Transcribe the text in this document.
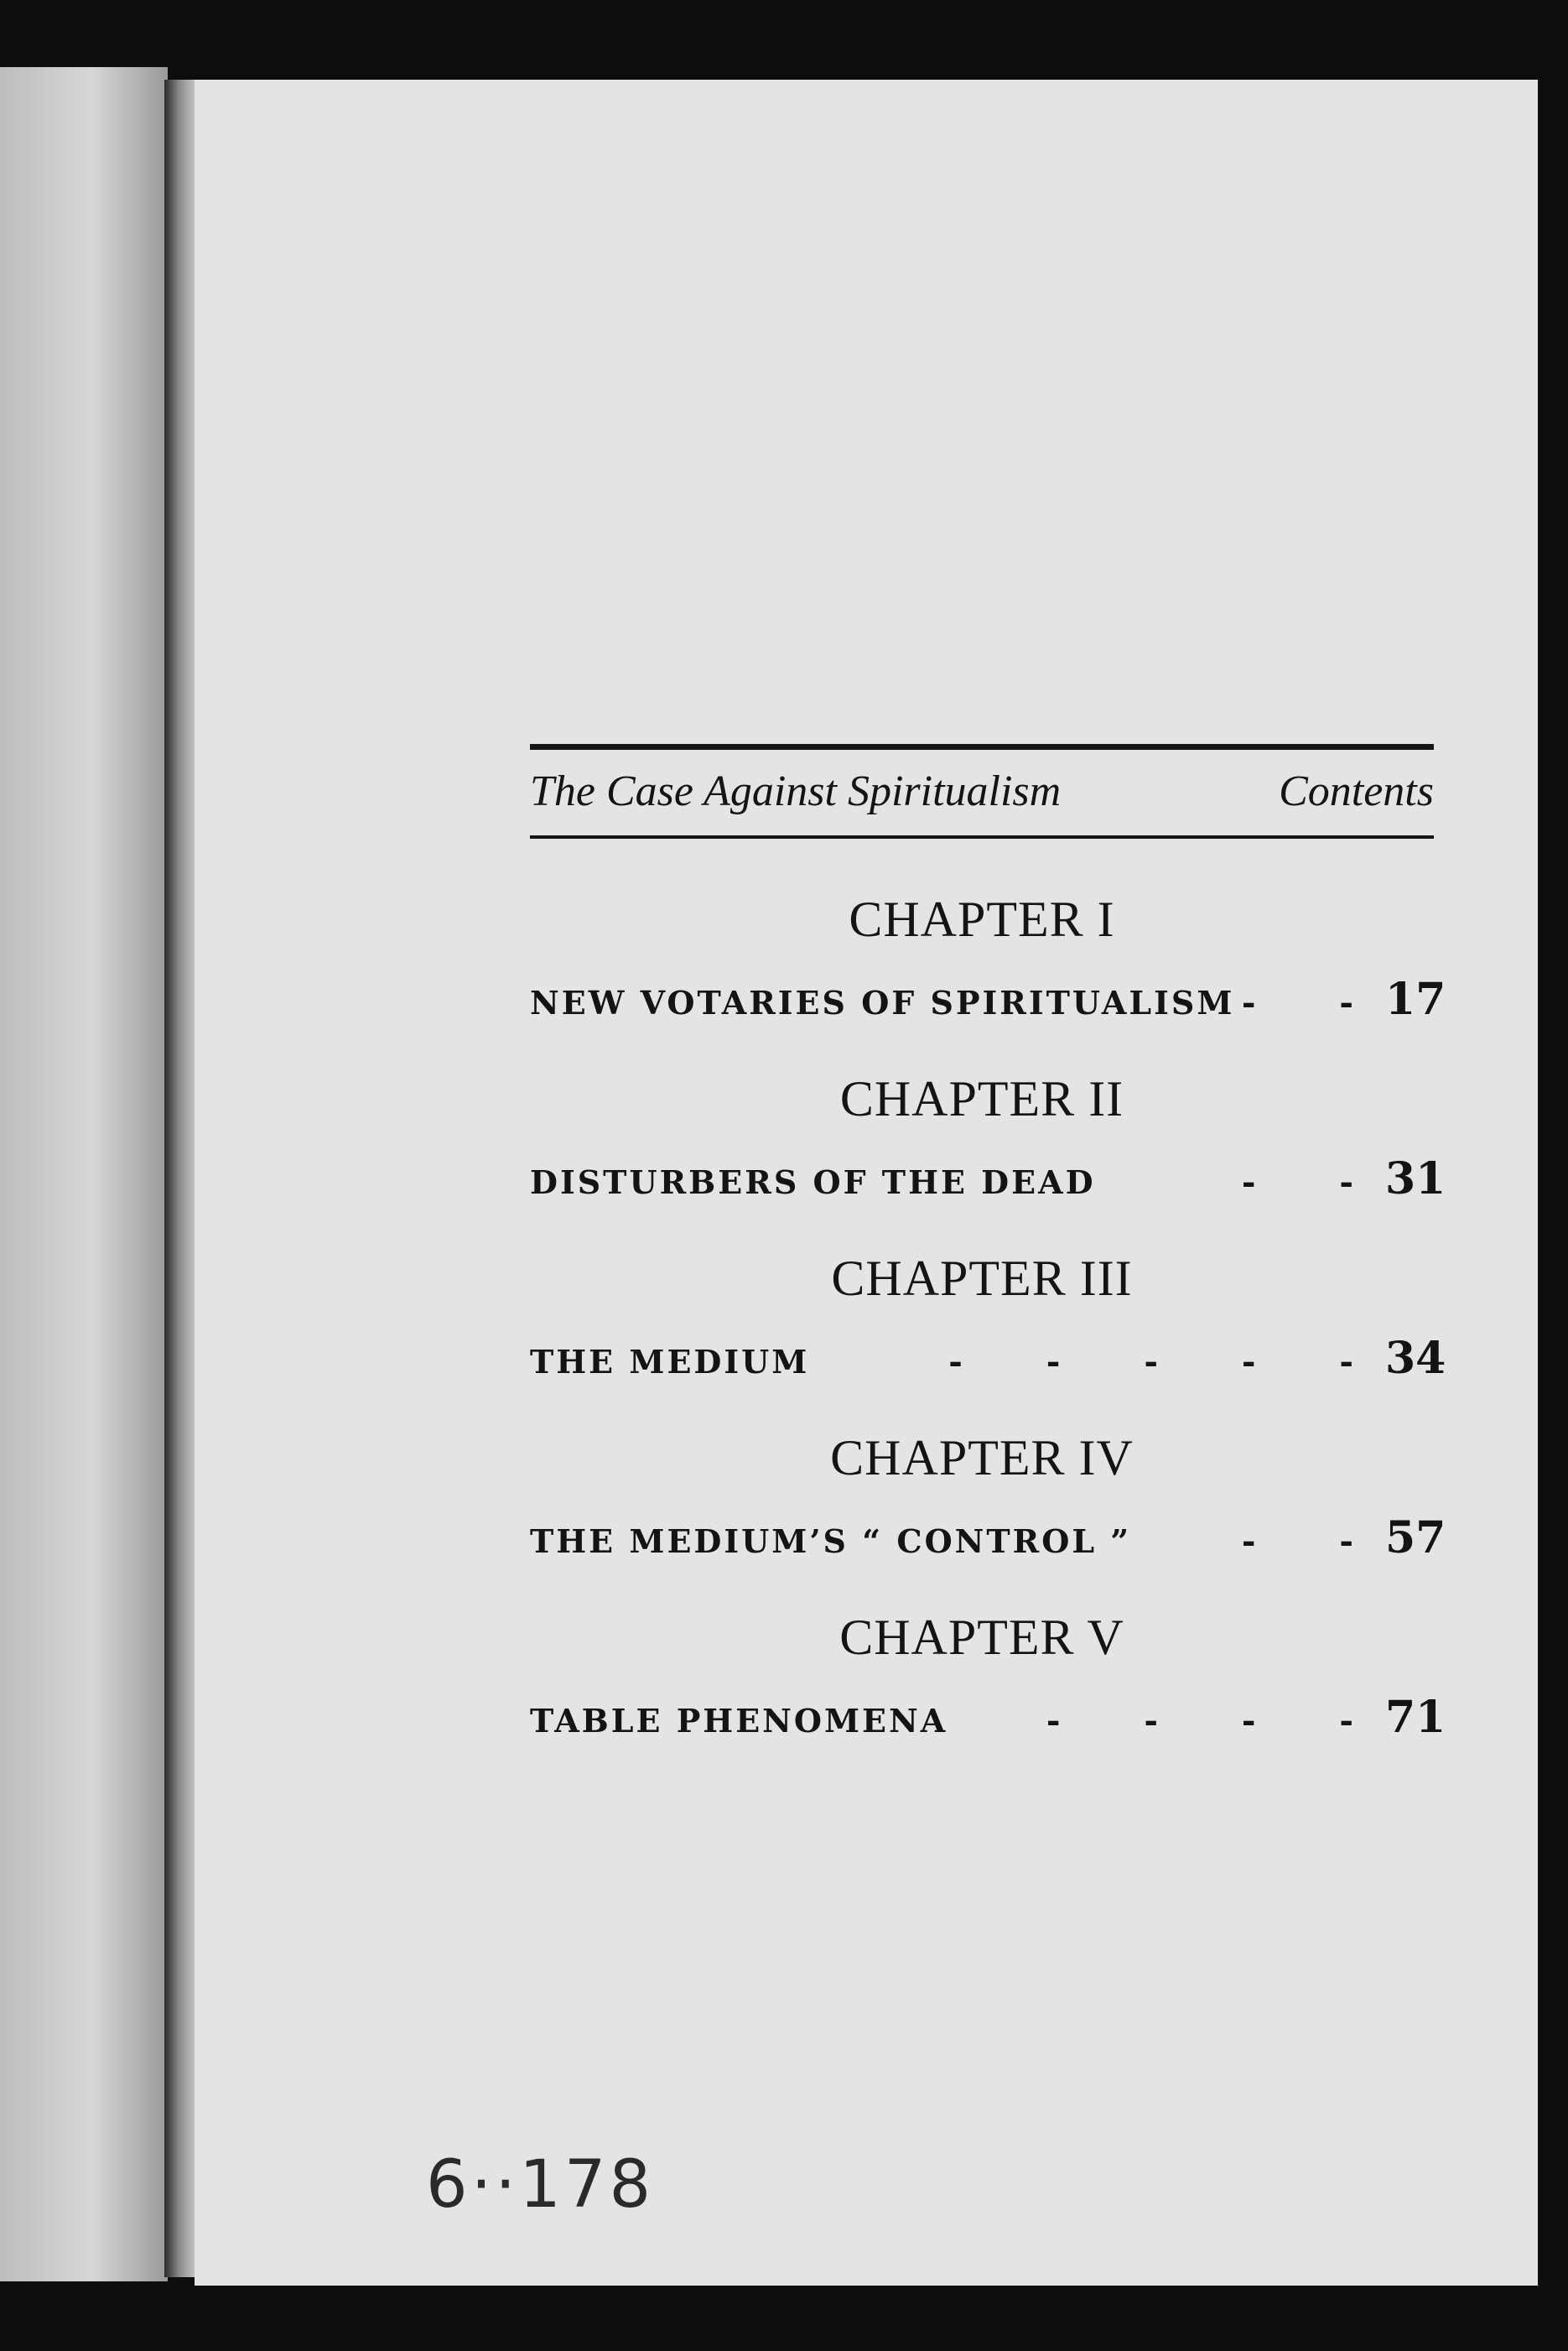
The Case Against Spiritualism	Contents
CHAPTER I
NEW VOTARIES OF SPIRITUALISM - - 17
CHAPTER II
DISTURBERS OF THE DEAD	- - 31
CHAPTER III
THE MEDIUM	- - - - - 34
CHAPTER IV
THE MEDIUM’S “ CONTROL ”	- - 57
CHAPTER V
TABLE PHENOMENA	- - - - 71
6··178
